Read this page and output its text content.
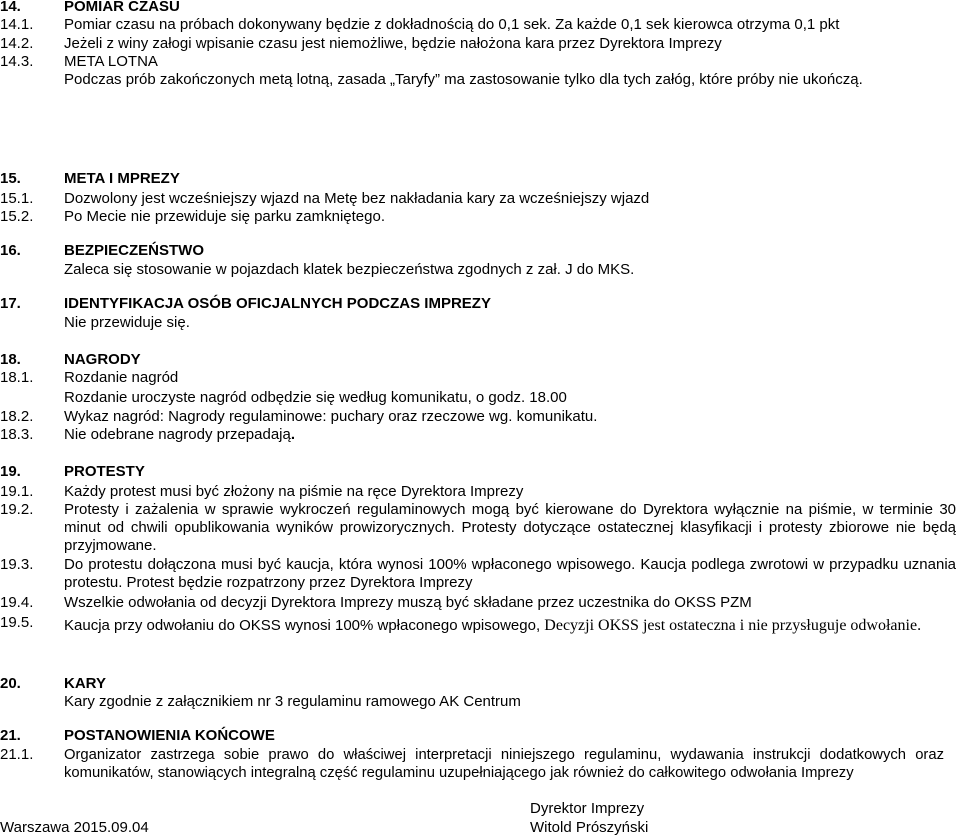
14.	POMIAR CZASU
14.1. Pomiar czasu na próbach dokonywany będzie z dokładnością do 0,1 sek. Za każde 0,1 sek kierowca otrzyma 0,1 pkt
14.2. Jeżeli z winy załogi wpisanie czasu jest niemożliwe, będzie nałożona kara przez Dyrektora Imprezy
14.3. META LOTNA
Podczas prób zakończonych metą lotną, zasada „Taryfy” ma zastosowanie tylko dla tych załóg, które próby nie ukończą.
15.	META I MPREZY
15.1. Dozwolony jest wcześniejszy wjazd na Metę bez nakładania kary za wcześniejszy wjazd
15.2. Po Mecie nie przewiduje się parku zamkniętego.
16.	BEZPIECZEŃSTWO
Zaleca się stosowanie w pojazdach klatek bezpieczeństwa zgodnych z zał. J do MKS.
17.	IDENTYFIKACJA OSÓB OFICJALNYCH PODCZAS IMPREZY
Nie przewiduje się.
18.	NAGRODY
18.1. Rozdanie nagród
Rozdanie uroczyste nagród odbędzie się według komunikatu, o godz. 18.00
18.2. Wykaz nagród: Nagrody regulaminowe: puchary oraz rzeczowe wg. komunikatu.
18.3. Nie odebrane nagrody przepadają.
19.	PROTESTY
19.1. Każdy protest musi być złożony na piśmie na ręce Dyrektora Imprezy
19.2. Protesty i zażalenia w sprawie wykroczeń regulaminowych mogą być kierowane do Dyrektora wyłącznie na piśmie, w terminie 30 minut od chwili opublikowania wyników prowizorycznych. Protesty dotyczące ostatecznej klasyfikacji i protesty zbiorowe nie będą przyjmowane.
19.3. Do protestu dołączona musi być kaucja, która wynosi 100% wpłaconego wpisowego. Kaucja podlega zwrotowi w przypadku uznania protestu. Protest będzie rozpatrzony przez Dyrektora Imprezy
19.4. Wszelkie odwołania od decyzji Dyrektora Imprezy muszą być składane przez uczestnika do OKSS PZM
19.5. Kaucja przy odwołaniu do OKSS wynosi 100% wpłaconego wpisowego, Decyzji OKSS jest ostateczna i nie przysługuje odwołanie.
20.	KARY
Kary zgodnie z załącznikiem nr 3 regulaminu ramowego AK Centrum
21.	POSTANOWIENIA KOŃCOWE
21.1. Organizator zastrzega sobie prawo do właściwej interpretacji niniejszego regulaminu, wydawania instrukcji dodatkowych oraz komunikatów, stanowiących integralną część regulaminu uzupełniającego jak również do całkowitego odwołania Imprezy
Dyrektor Imprezy
Warszawa 2015.09.04	Witold Prószyński
